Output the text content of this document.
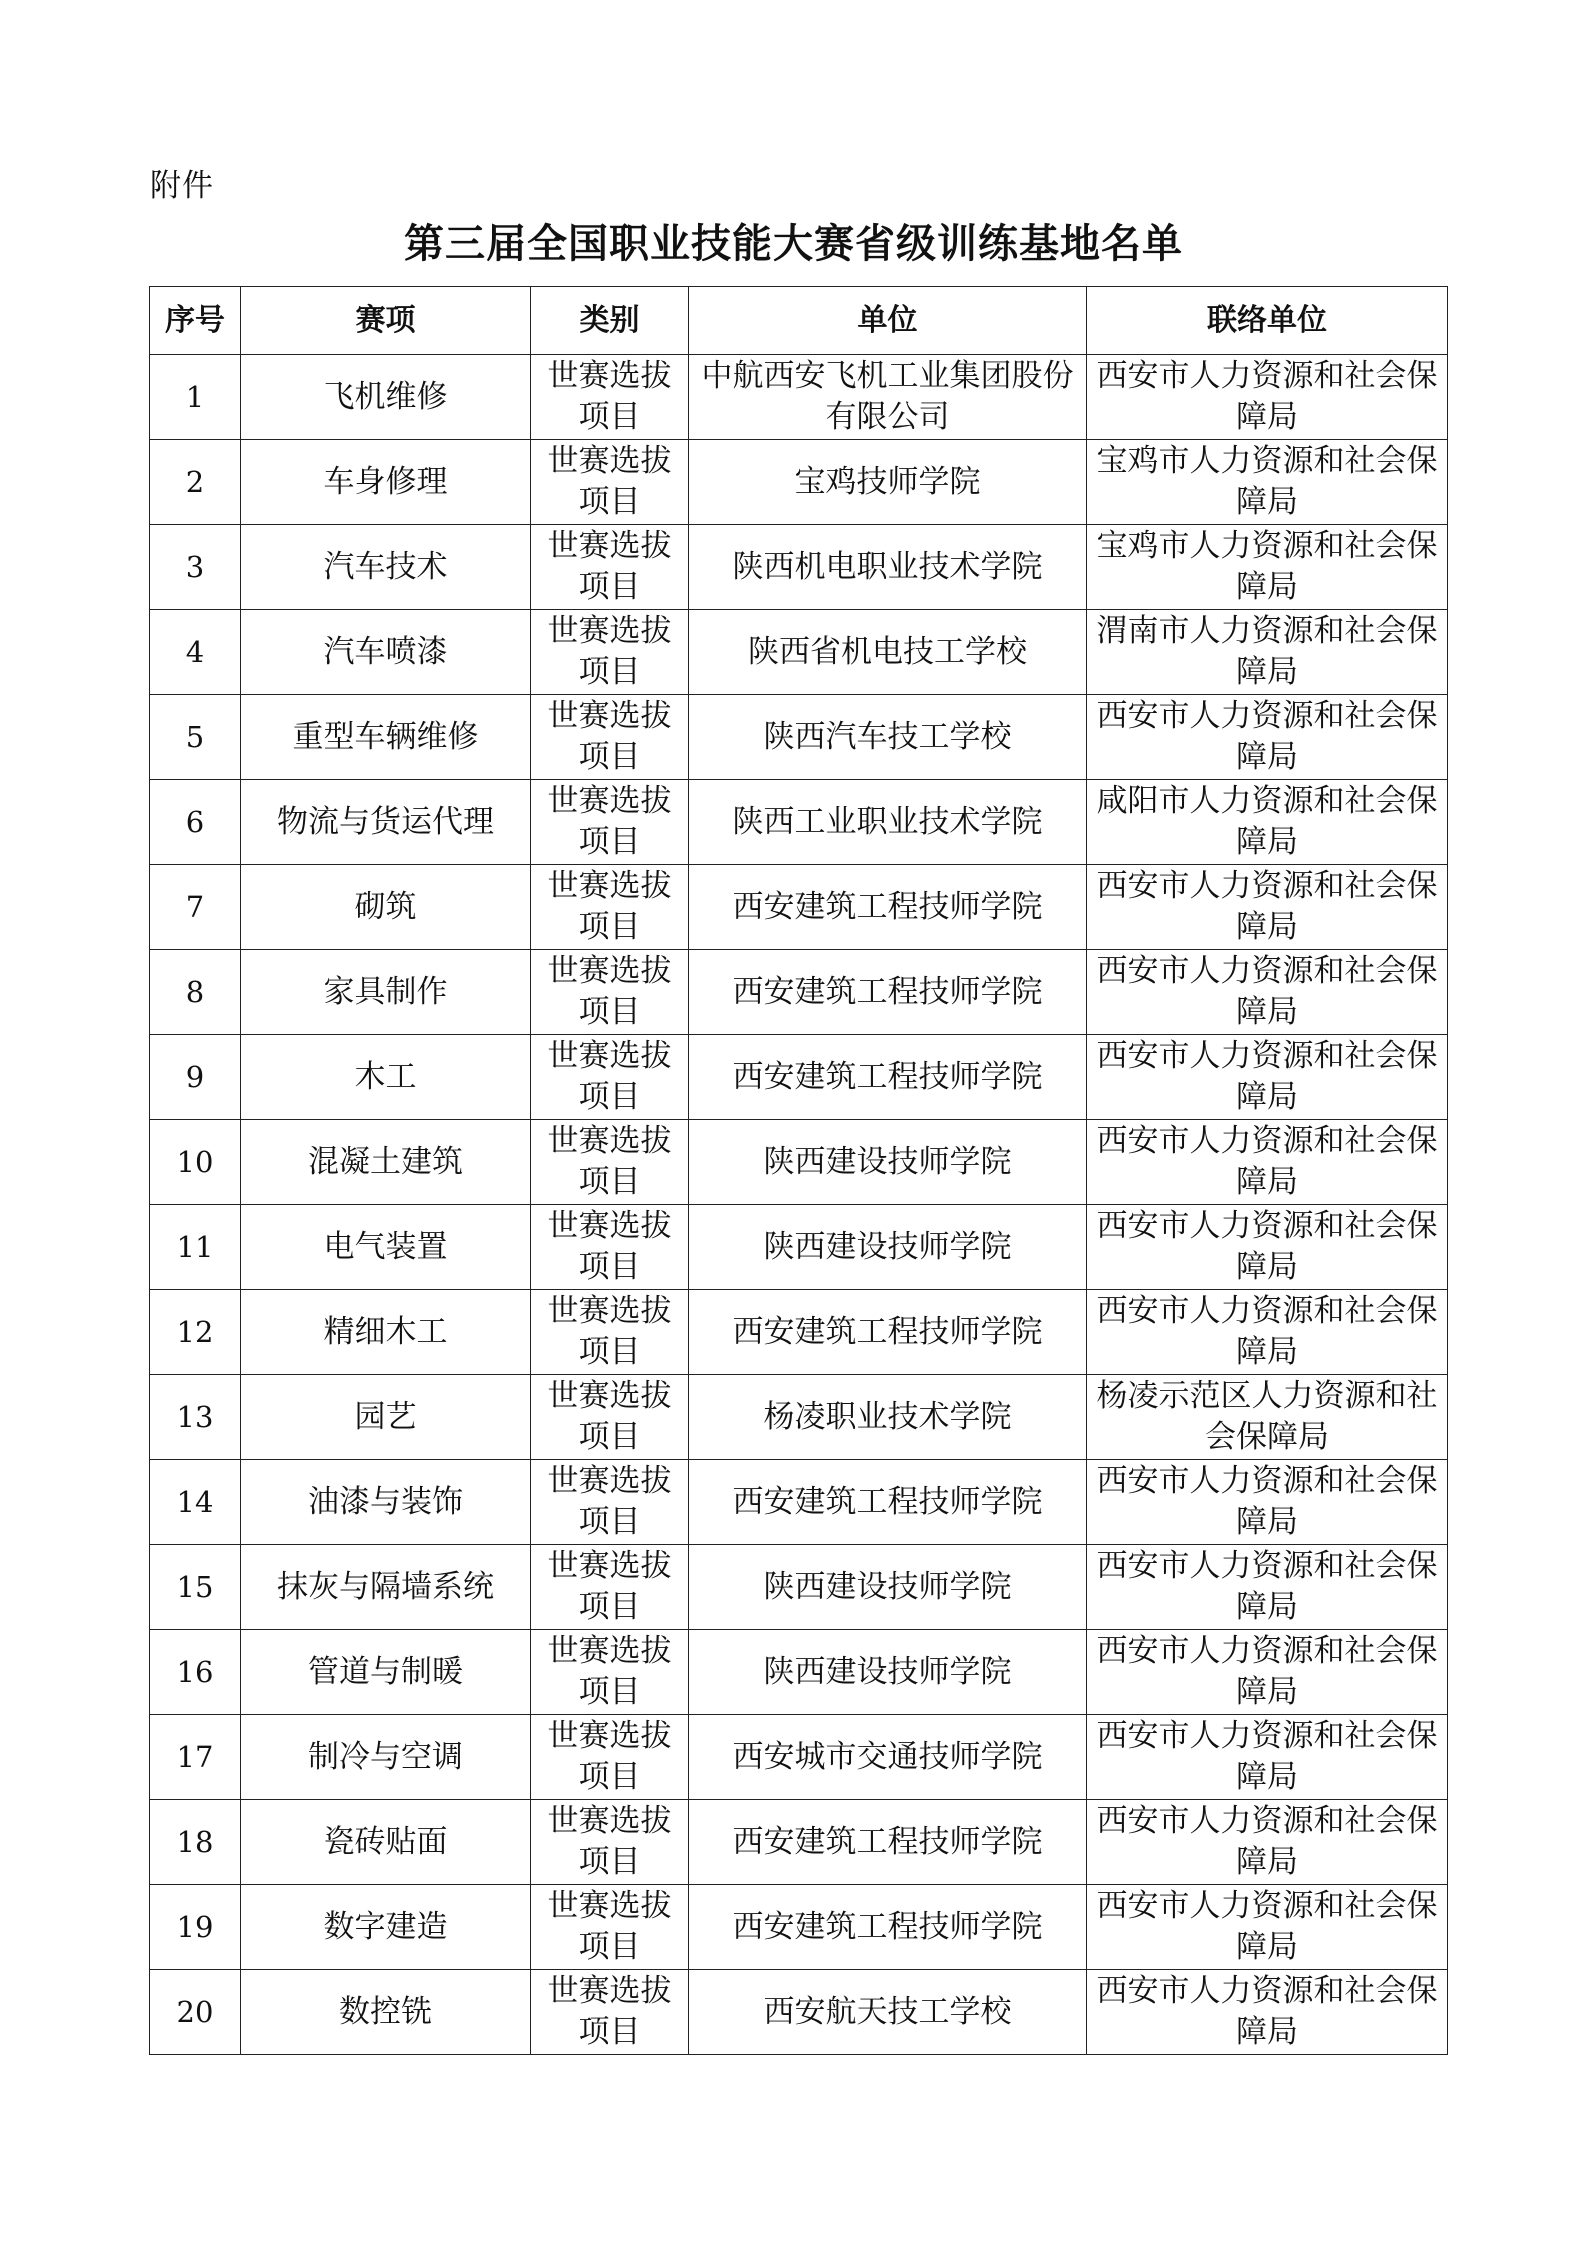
附件
第三届全国职业技能大赛省级训练基地名单
序号	赛项	类别	单位	联络单位
1	飞机维修	世赛选拔项目	中航西安飞机工业集团股份有限公司	西安市人力资源和社会保障局
2	车身修理	世赛选拔项目	宝鸡技师学院	宝鸡市人力资源和社会保障局
3	汽车技术	世赛选拔项目	陕西机电职业技术学院	宝鸡市人力资源和社会保障局
4	汽车喷漆	世赛选拔项目	陕西省机电技工学校	渭南市人力资源和社会保障局
5	重型车辆维修	世赛选拔项目	陕西汽车技工学校	西安市人力资源和社会保障局
6	物流与货运代理	世赛选拔项目	陕西工业职业技术学院	咸阳市人力资源和社会保障局
7	砌筑	世赛选拔项目	西安建筑工程技师学院	西安市人力资源和社会保障局
8	家具制作	世赛选拔项目	西安建筑工程技师学院	西安市人力资源和社会保障局
9	木工	世赛选拔项目	西安建筑工程技师学院	西安市人力资源和社会保障局
10	混凝土建筑	世赛选拔项目	陕西建设技师学院	西安市人力资源和社会保障局
11	电气装置	世赛选拔项目	陕西建设技师学院	西安市人力资源和社会保障局
12	精细木工	世赛选拔项目	西安建筑工程技师学院	西安市人力资源和社会保障局
13	园艺	世赛选拔项目	杨凌职业技术学院	杨凌示范区人力资源和社会保障局
14	油漆与装饰	世赛选拔项目	西安建筑工程技师学院	西安市人力资源和社会保障局
15	抹灰与隔墙系统	世赛选拔项目	陕西建设技师学院	西安市人力资源和社会保障局
16	管道与制暖	世赛选拔项目	陕西建设技师学院	西安市人力资源和社会保障局
17	制冷与空调	世赛选拔项目	西安城市交通技师学院	西安市人力资源和社会保障局
18	瓷砖贴面	世赛选拔项目	西安建筑工程技师学院	西安市人力资源和社会保障局
19	数字建造	世赛选拔项目	西安建筑工程技师学院	西安市人力资源和社会保障局
20	数控铣	世赛选拔项目	西安航天技工学校	西安市人力资源和社会保障局
